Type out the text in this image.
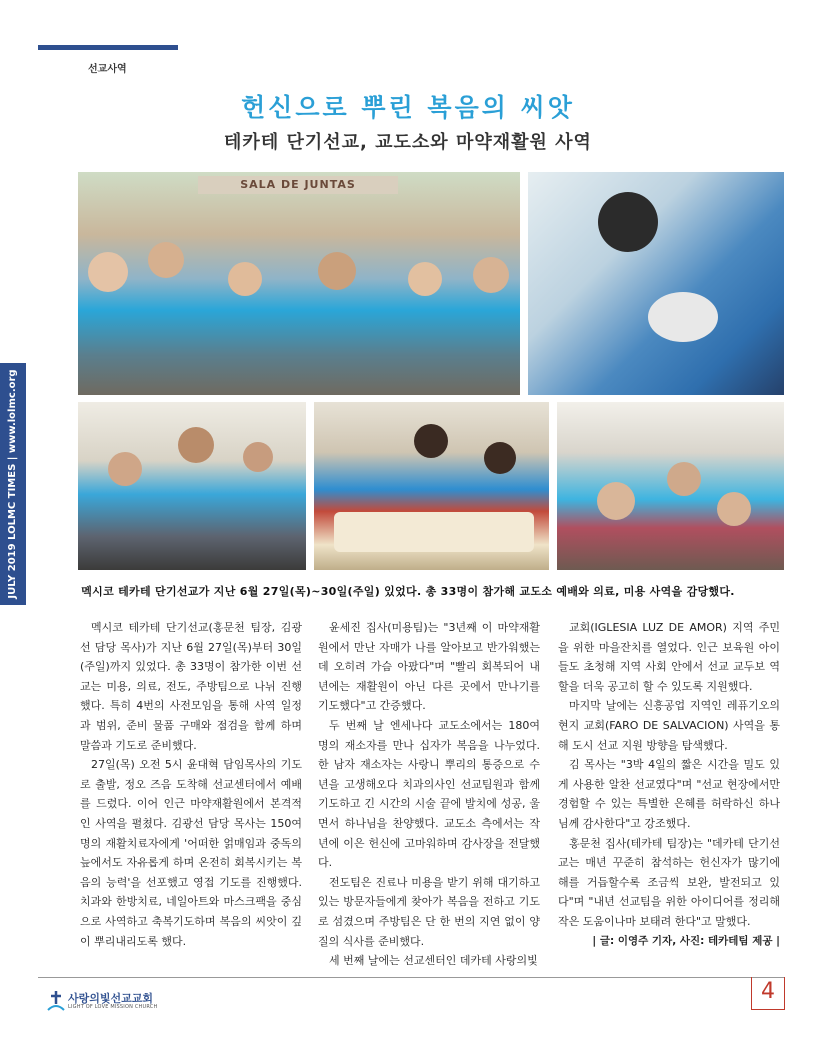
선교사역
JULY 2019 LOLMC TIMES | www.lolmc.org
헌신으로 뿌린 복음의 씨앗
테카테 단기선교, 교도소와 마약재활원 사역
SALA DE JUNTAS
멕시코 테카테 단기선교가 지난 6월 27일(목)~30일(주일) 있었다. 총 33명이 참가해 교도소 예배와 의료, 미용 사역을 감당했다.

멕시코 테카테 단기선교(홍문천 팀장, 김광선 담당 목사)가 지난 6월 27일(목)부터 30일(주일)까지 있었다. 총 33명이 참가한 이번 선교는 미용, 의료, 전도, 주방팀으로 나뉘 진행했다. 특히 4번의 사전모임을 통해 사역 일정과 범위, 준비 물품 구매와 점검을 함께 하며 말씀과 기도로 준비했다.

27일(목) 오전 5시 윤대혁 담임목사의 기도로 출발, 정오 즈음 도착해 선교센터에서 예배를 드렸다. 이어 인근 마약재활원에서 본격적인 사역을 펼쳤다. 김광선 담당 목사는 150여 명의 재활치료자에게 '어떠한 얽매임과 중독의 늪에서도 자유롭게 하며 온전히 회복시키는 복음의 능력'을 선포했고 영접 기도를 진행했다. 치과와 한방치료, 네일아트와 마스크팩을 중심으로 사역하고 축복기도하며 복음의 씨앗이 깊이 뿌리내리도록 했다.

윤세진 집사(미용팀)는 "3년째 이 마약재활원에서 만난 자매가 나를 알아보고 반가워했는데 오히려 가슴 아팠다"며 "빨리 회복되어 내년에는 재활원이 아닌 다른 곳에서 만나기를 기도했다"고 간증했다.

두 번째 날 엔세나다 교도소에서는 180여 명의 재소자를 만나 십자가 복음을 나누었다. 한 남자 재소자는 사랑니 뿌리의 통증으로 수년을 고생해오다 치과의사인 선교팀원과 함께 기도하고 긴 시간의 시술 끝에 발치에 성공, 울면서 하나님을 찬양했다. 교도소 측에서는 작년에 이은 헌신에 고마워하며 감사장을 전달했다.

전도팀은 진료나 미용을 받기 위해 대기하고 있는 방문자들에게 찾아가 복음을 전하고 기도로 섬겼으며 주방팀은 단 한 번의 지연 없이 양질의 식사를 준비했다.

세 번째 날에는 선교센터인 데카테 사랑의빛

교회(IGLESIA LUZ DE AMOR) 지역 주민을 위한 마을잔치를 열었다. 인근 보육원 아이들도 초청해 지역 사회 안에서 선교 교두보 역할을 더욱 공고히 할 수 있도록 지원했다.

마지막 날에는 신흥공업 지역인 레퓨기오의 현지 교회(FARO DE SALVACION) 사역을 통해 도시 선교 지원 방향을 탐색했다.

김 목사는 "3박 4일의 짧은 시간을 밀도 있게 사용한 알찬 선교였다"며 "선교 현장에서만 경험할 수 있는 특별한 은혜를 허락하신 하나님께 감사한다"고 강조했다.

홍문천 집사(테카테 팀장)는 "데카테 단기선교는 매년 꾸준히 참석하는 헌신자가 많기에 해를 거듭할수록 조금씩 보완, 발전되고 있다"며 "내년 선교팀을 위한 아이디어를 정리해 작은 도움이나마 보태려 한다"고 말했다.

| 글: 이영주 기자, 사진: 테카테팀 제공 |

4
사랑의빛선교교회
LIGHT OF LOVE MISSION CHURCH
